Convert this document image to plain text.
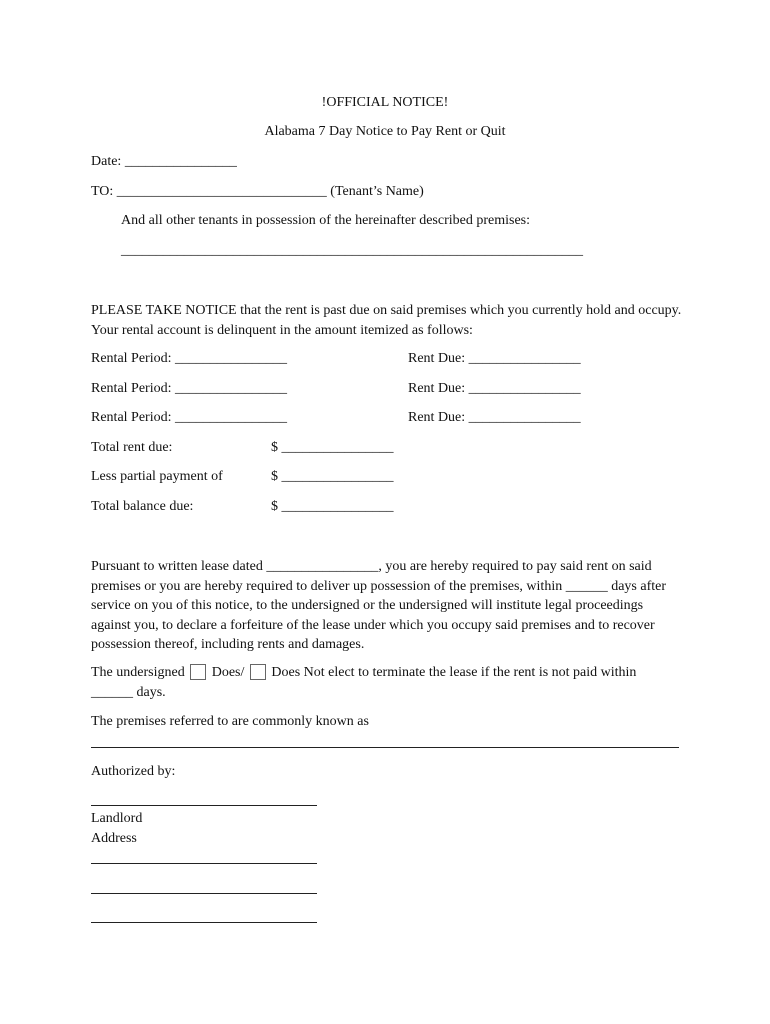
!OFFICIAL NOTICE!
Alabama 7 Day Notice to Pay Rent or Quit
Date: ________________
TO: ______________________________ (Tenant’s Name)
And all other tenants in possession of the hereinafter described premises:
__________________________________________________________________
PLEASE TAKE NOTICE that the rent is past due on said premises which you currently hold and occupy. Your rental account is delinquent in the amount itemized as follows:
Rental Period: ________________	Rent Due: ________________
Rental Period: ________________	Rent Due: ________________
Rental Period: ________________	Rent Due: ________________
Total rent due:	$ ________________
Less partial payment of	$ ________________
Total balance due:	$ ________________
Pursuant to written lease dated ________________, you are hereby required to pay said rent on said premises or you are hereby required to deliver up possession of the premises, within ______ days after service on you of this notice, to the undersigned or the undersigned will institute legal proceedings against you, to declare a forfeiture of the lease under which you occupy said premises and to recover possession thereof, including rents and damages.
The undersigned Does/ Does Not elect to terminate the lease if the rent is not paid within
______ days.
The premises referred to are commonly known as
Authorized by:
Landlord
Address
